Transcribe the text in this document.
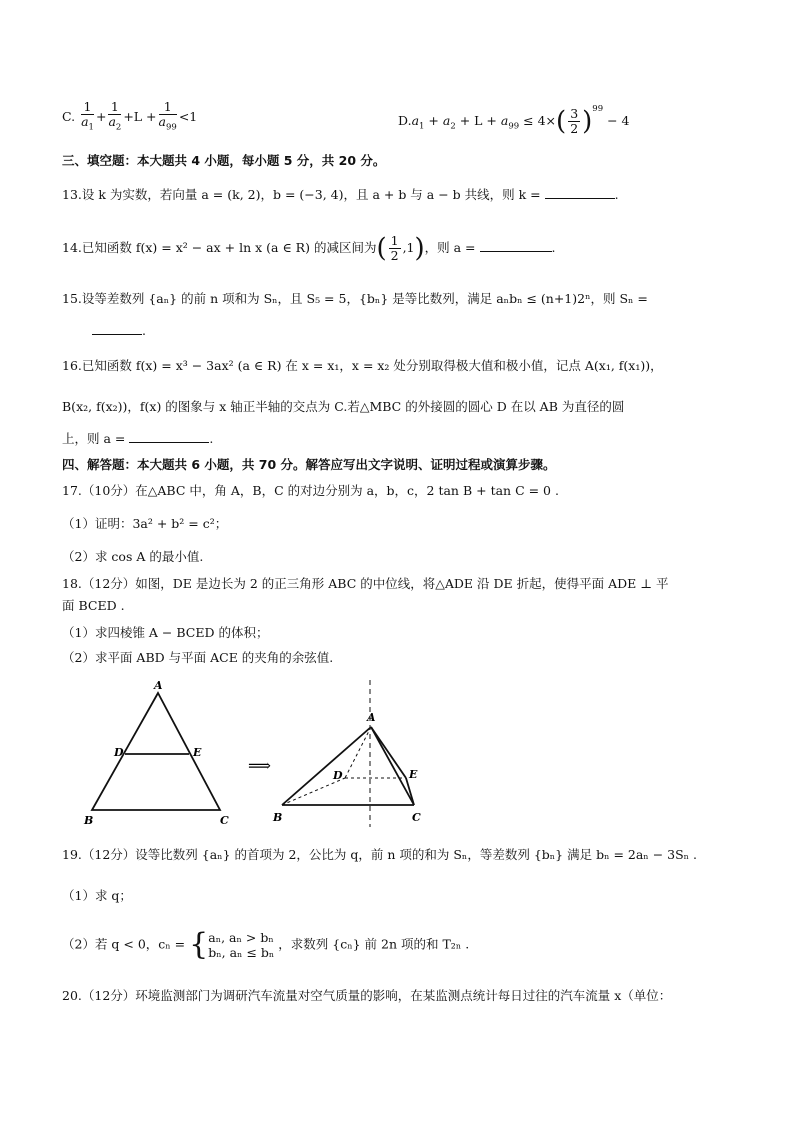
C. $\frac{1}{a_1} + \frac{1}{a_2} +L + \frac{1}{a_{99}} <1$	$D.a_1 + a_2 + L + a_{99} \le 4\times( \frac{3}{2} )^{99} - 4$
三、填空题：本大题共 4 小题，每小题 5 分，共 20 分。
13.设 k 为实数，若向量 a = (k, 2)，b = (−3, 4)，且 a + b 与 a − b 共线，则 k =	.
14.已知函数 f(x) = x² − ax + ln x (a ∈ R) 的减区间为( $\frac{1}{2} ,1$)，则 a =	.
15.设等差数列 {aₙ} 的前 n 项和为 Sₙ，且 S₅ = 5，{bₙ} 是等比数列，满足 aₙbₙ ≤ (n+1)2ⁿ，则 Sₙ =
.
16.已知函数 f(x) = x³ − 3ax² (a ∈ R) 在 x = x₁，x = x₂ 处分别取得极大值和极小值，记点 A(x₁, f(x₁))，
B(x₂, f(x₂))，f(x) 的图象与 x 轴正半轴的交点为 C.若△MBC 的外接圆的圆心 D 在以 AB 为直径的圆
上，则 a =	.
四、解答题：本大题共 6 小题，共 70 分。解答应写出文字说明、证明过程或演算步骤。
17.（10分）在△ABC 中，角 A，B，C 的对边分别为 a，b，c，2 tan B + tan C = 0 .
（1）证明：3a² + b² = c²；
（2）求 cos A 的最小值.
18.（12分）如图，DE 是边长为 2 的正三角形 ABC 的中位线，将△ADE 沿 DE 折起，使得平面 ADE ⊥ 平
面 BCED .
（1）求四棱锥 A − BCED 的体积；
（2）求平面 ABD 与平面 ACE 的夹角的余弦值.
A
D	E
B	C
⟹
A
D	E
B	C
19.（12分）设等比数列 {aₙ} 的首项为 2，公比为 q，前 n 项的和为 Sₙ，等差数列 {bₙ} 满足 bₙ = 2aₙ − 3Sₙ .
（1）求 q；
（2）若 q < 0，cₙ = {aₙ, aₙ > bₙ
bₙ, aₙ ≤ bₙ ，求数列 {cₙ} 前 2n 项的和 T₂ₙ .
20.（12分）环境监测部门为调研汽车流量对空气质量的影响，在某监测点统计每日过往的汽车流量 x（单位：
